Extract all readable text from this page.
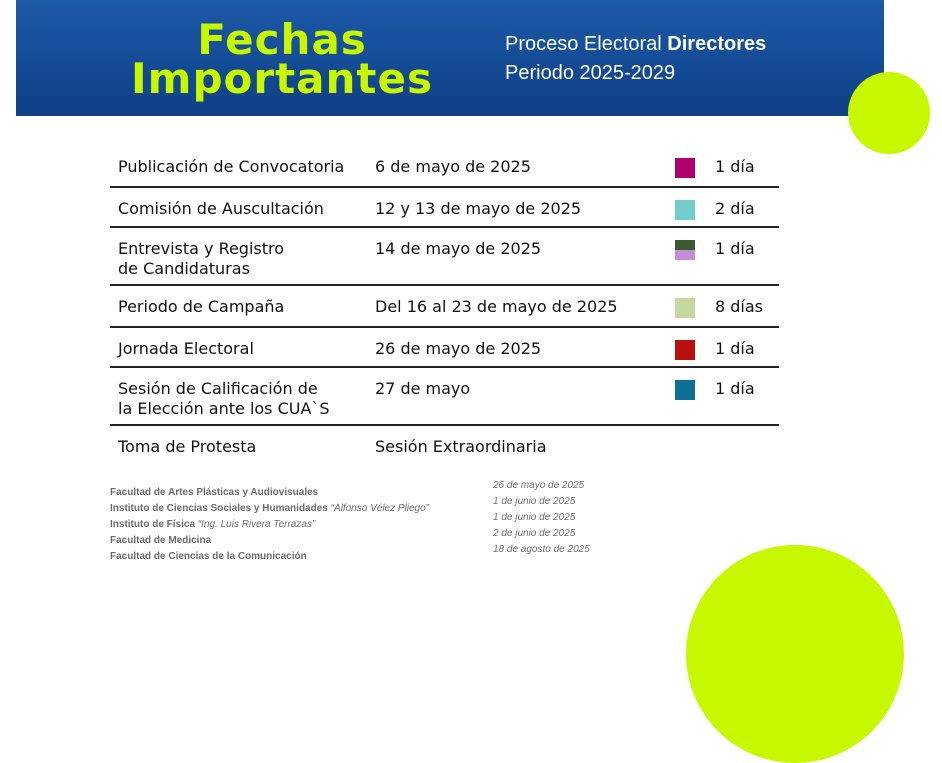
Fechas
Importantes
Proceso Electoral Directores
Periodo 2025-2029
Publicación de Convocatoria 6 de mayo de 2025	1 día
Comisión de Auscultación	12 y 13 de mayo de 2025	2 día
Entrevista y Registro
de Candidaturas
14 de mayo de 2025	1 día
Periodo de Campaña	Del 16 al 23 de mayo de 2025	8 días
Jornada Electoral	26 de mayo de 2025	1 día
Sesión de Calificación de
la Elección ante los CUA`S
27 de mayo	1 día
Toma de Protesta	Sesión Extraordinaria
Facultad de Artes Plásticas y Audiovisuales
26 de mayo de 2025
Instituto de Ciencias Sociales y Humanidades “Alfonso Vélez Pliego”
1 de junio de 2025
Instituto de Física “Ing. Luis Rivera Terrazas”
1 de junio de 2025
Facultad de Medicina
2 de junio de 2025
Facultad de Ciencias de la Comunicación
18 de agosto de 2025
